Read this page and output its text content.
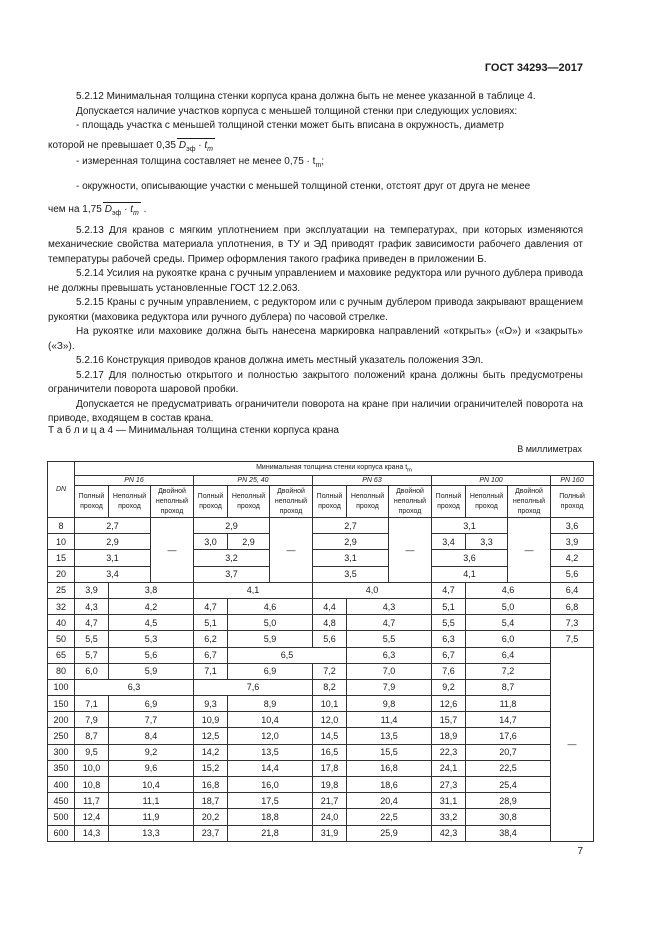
ГОСТ 34293—2017

5.2.12 Минимальная толщина стенки корпуса крана должна быть не менее указанной в таблице 4.

Допускается наличие участков корпуса с меньшей толщиной стенки при следующих условиях:

- площадь участка с меньшей толщиной стенки может быть вписана в окружность, диаметр

которой не превышает 0,35 $D_{эф} \cdot t_m$

- измеренная толщина составляет не менее $0,75 \cdot t_m$;

- окружности, описывающие участки с меньшей толщиной стенки, отстоят друг от друга не менее

чем на 1,75 $D_{эф} \cdot t_m$ .

5.2.13 Для кранов с мягким уплотнением при эксплуатации на температурах, при которых изменяются механические свойства материала уплотнения, в ТУ и ЭД приводят график зависимости рабочего давления от температуры рабочей среды. Пример оформления такого графика приведен в приложении Б.

5.2.14 Усилия на рукоятке крана с ручным управлением и маховике редуктора или ручного дублера привода не должны превышать установленные ГОСТ 12.2.063.

5.2.15 Краны с ручным управлением, с редуктором или с ручным дублером привода закрывают вращением рукоятки (маховика редуктора или ручного дублера) по часовой стрелке.

На рукоятке или маховике должна быть нанесена маркировка направлений «открыть» («О») и «закрыть» («З»).

5.2.16 Конструкция приводов кранов должна иметь местный указатель положения ЗЭл.

5.2.17 Для полностью открытого и полностью закрытого положений крана должны быть предусмотрены ограничители поворота шаровой пробки.

Допускается не предусматривать ограничители поворота на кране при наличии ограничителей поворота на приводе, входящем в состав крана.

Т а б л и ц а 4 — Минимальная толщина стенки корпуса крана
В миллиметрах
DN	Минимальная толщина стенки корпуса крана $t_m$
	PN 16			PN 25, 40			PN 63			PN 100			PN 160
	Полный проход	Неполный проход	Двойной неполный проход	Полный проход	Неполный проход	Двойной неполный проход	Полный проход	Неполный проход	Двойной неполный проход	Полный проход	Неполный проход	Двойной неполный проход	Полный проход
8	2,7		—	2,9		—	2,7		—	3,1		—	3,6
10	2,9			3,0	2,9		2,9			3,4	3,3		3,9
15	3,1			3,2			3,1			3,6			4,2
20	3,4			3,7			3,5			4,1			5,6
25	3,9	3,8		4,1			4,0			4,7	4,6		6,4
32	4,3	4,2		4,7	4,6		4,4	4,3		5,1	5,0		6,8
40	4,7	4,5		5,1	5,0		4,8	4,7		5,5	5,4		7,3
50	5,5	5,3		6,2	5,9		5,6	5,5		6,3	6,0		7,5
65	5,7	5,6		6,7	6,5			6,3		6,7	6,4		—
80	6,0	5,9		7,1	6,9		7,2	7,0		7,6	7,2		
100	6,3			7,6			8,2	7,9		9,2	8,7		
150	7,1	6,9		9,3	8,9		10,1	9,8		12,6	11,8		
200	7,9	7,7		10,9	10,4		12,0	11,4		15,7	14,7		
250	8,7	8,4		12,5	12,0		14,5	13,5		18,9	17,6		
300	9,5	9,2		14,2	13,5		16,5	15,5		22,3	20,7		
350	10,0	9,6		15,2	14,4		17,8	16,8		24,1	22,5		
400	10,8	10,4		16,8	16,0		19,8	18,6		27,3	25,4		
450	11,7	11,1		18,7	17,5		21,7	20,4		31,1	28,9		
500	12,4	11,9		20,2	18,8		24,0	22,5		33,2	30,8		
600	14,3	13,3		23,7	21,8		31,9	25,9		42,3	38,4		
7
